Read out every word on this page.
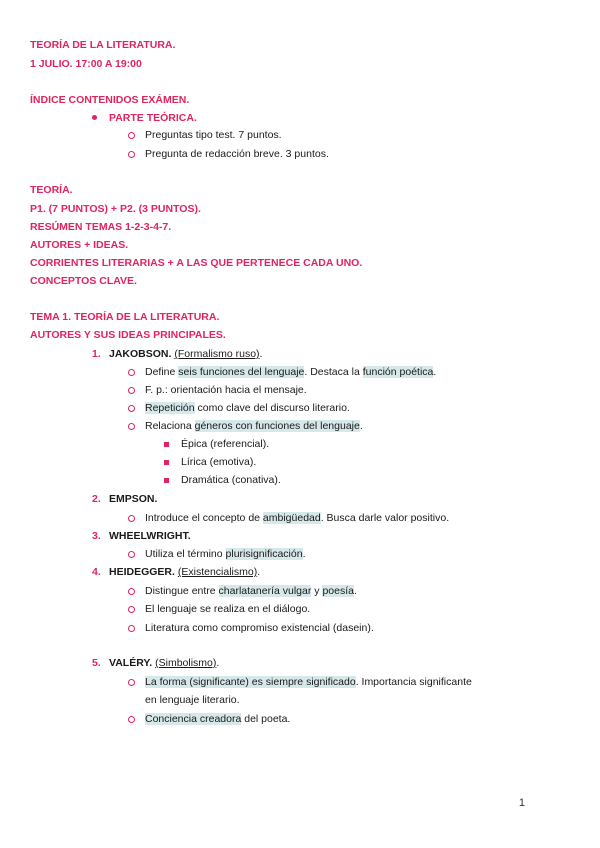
TEORÍA DE LA LITERATURA.
1 JULIO. 17:00 A 19:00
ÍNDICE CONTENIDOS EXÁMEN.
PARTE TEÓRICA.
Preguntas tipo test. 7 puntos.
Pregunta de redacción breve. 3 puntos.
TEORÍA.
P1. (7 PUNTOS) + P2. (3 PUNTOS).
RESÚMEN TEMAS 1-2-3-4-7.
AUTORES + IDEAS.
CORRIENTES LITERARIAS + A LAS QUE PERTENECE CADA UNO.
CONCEPTOS CLAVE.
TEMA 1. TEORÍA DE LA LITERATURA.
AUTORES Y SUS IDEAS PRINCIPALES.
1. JAKOBSON. (Formalismo ruso).
Define seis funciones del lenguaje. Destaca la función poética.
F. p.: orientación hacia el mensaje.
Repetición como clave del discurso literario.
Relaciona géneros con funciones del lenguaje.
Épica (referencial).
Lírica (emotiva).
Dramática (conativa).
2. EMPSON.
Introduce el concepto de ambigüedad. Busca darle valor positivo.
3. WHEELWRIGHT.
Utiliza el término plurisignificación.
4. HEIDEGGER. (Existencialismo).
Distingue entre charlatanería vulgar y poesía.
El lenguaje se realiza en el diálogo.
Literatura como compromiso existencial (dasein).
5. VALÉRY. (Simbolismo).
La forma (significante) es siempre significado. Importancia significante
en lenguaje literario.
Conciencia creadora del poeta.
1
